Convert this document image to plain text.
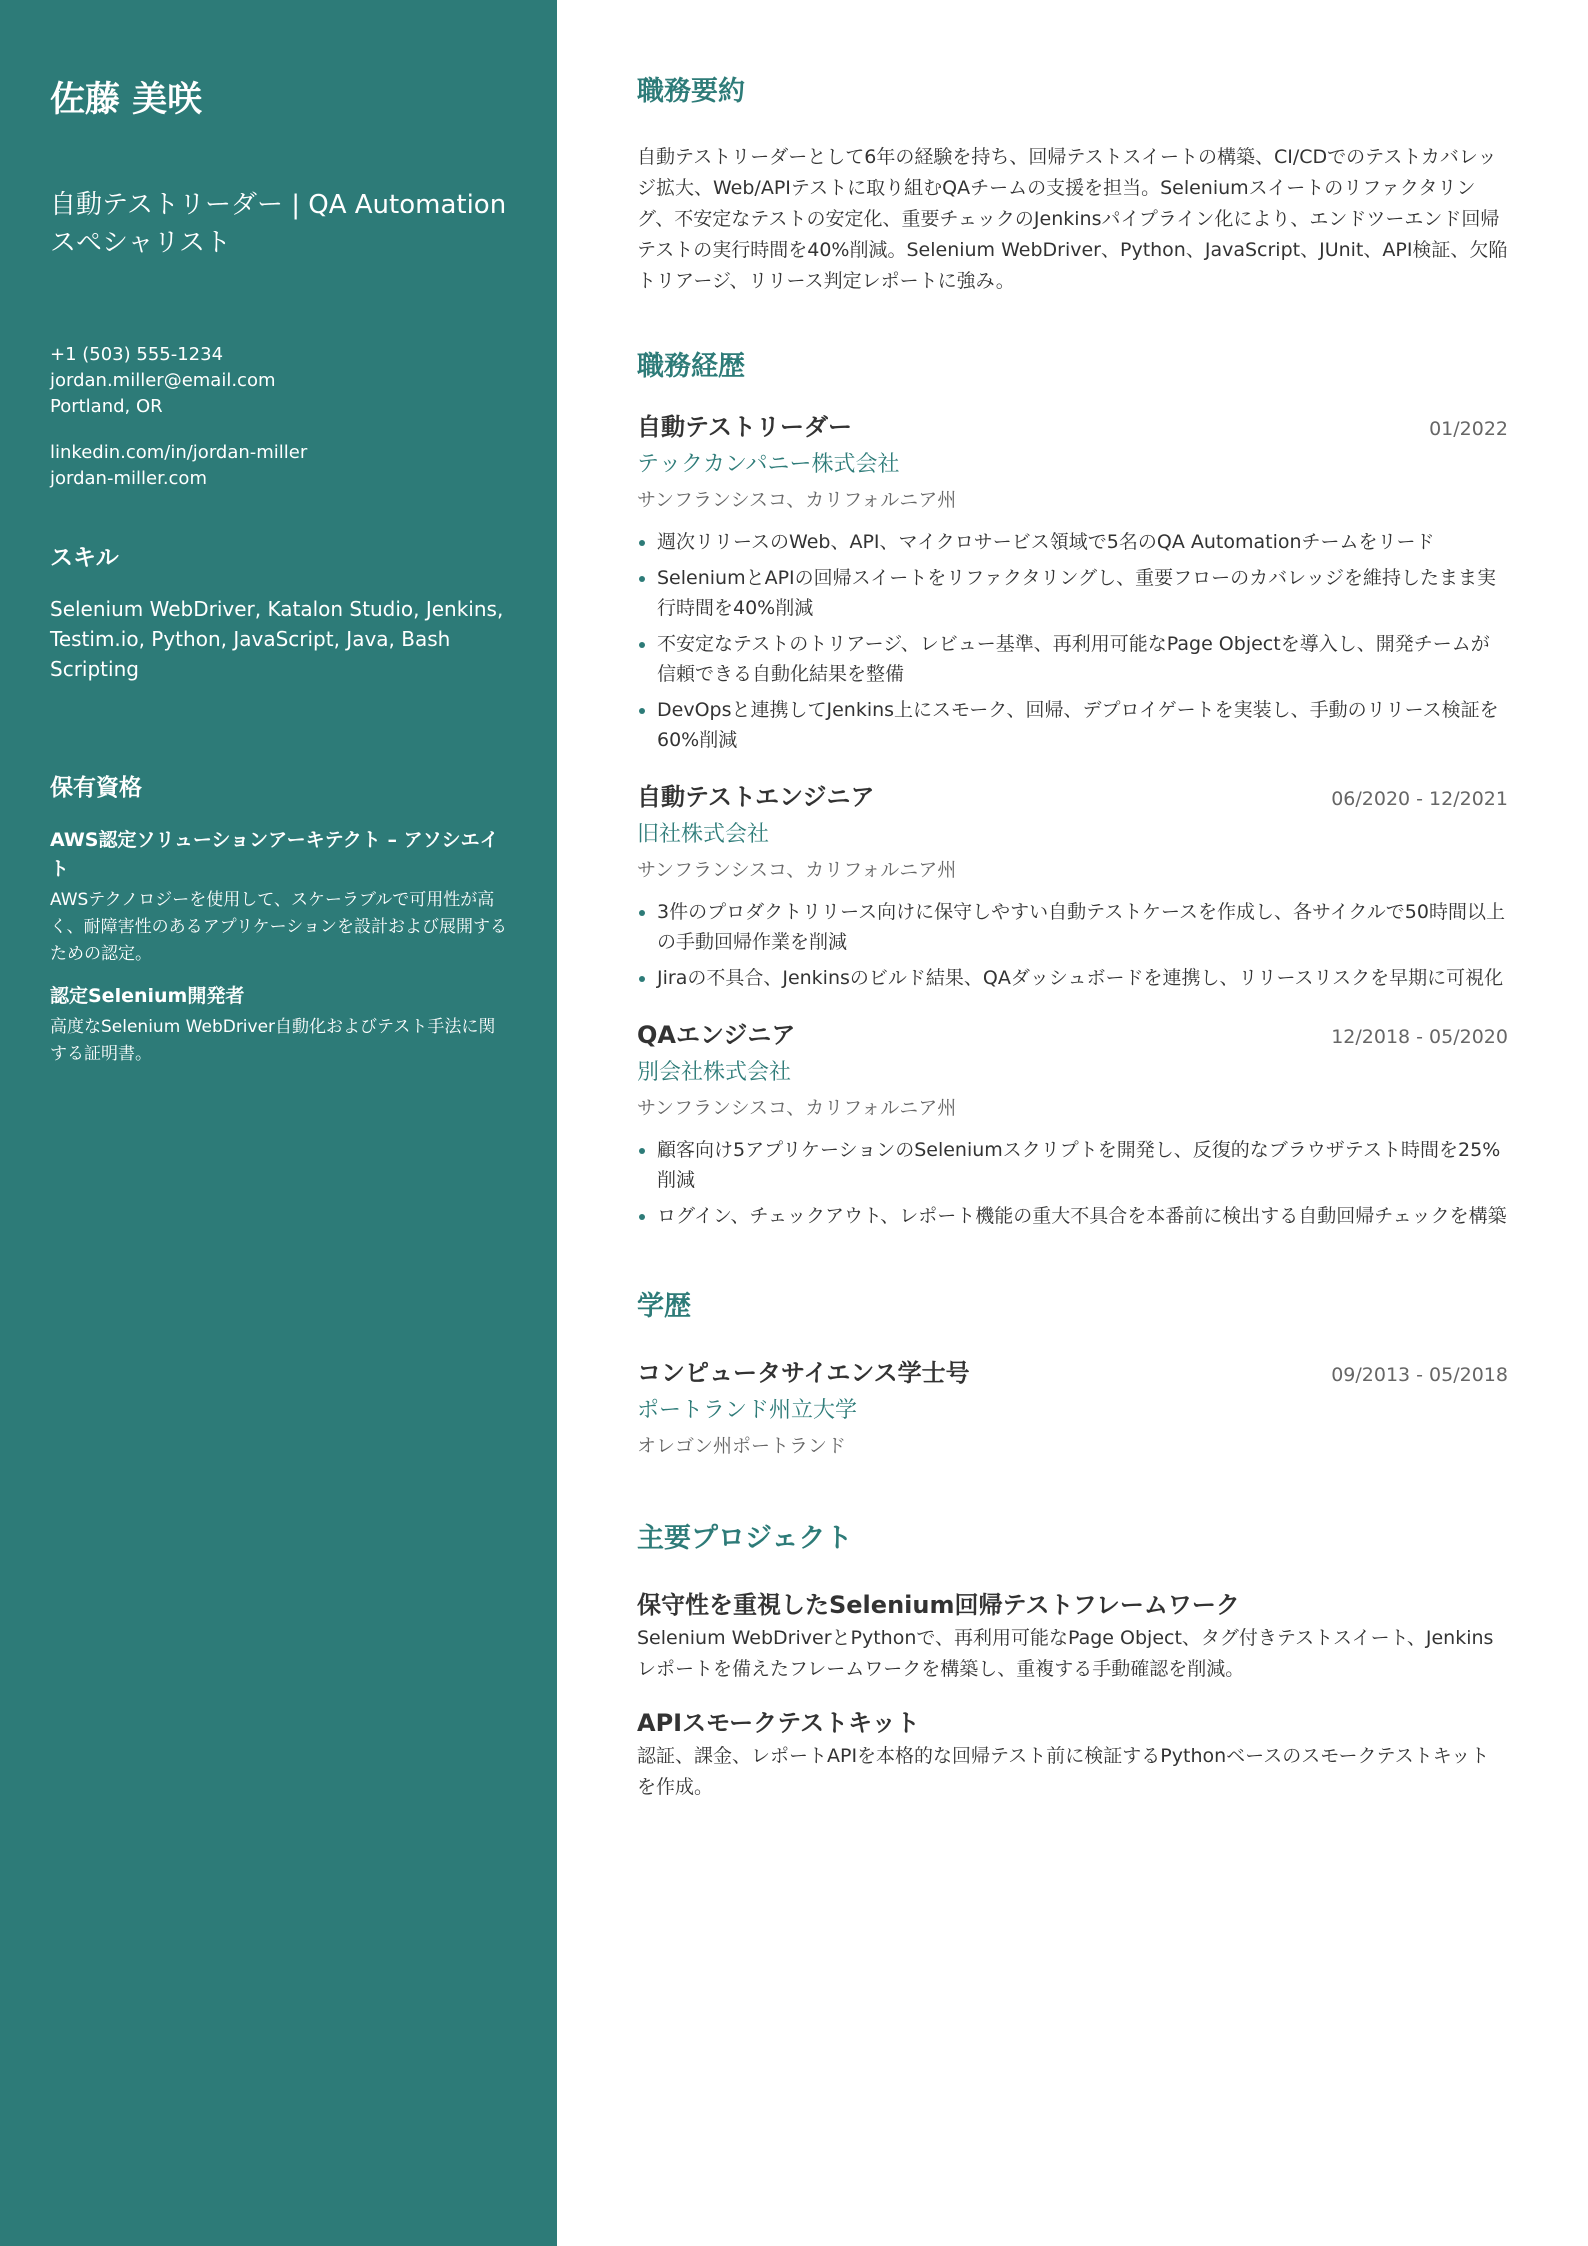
佐藤 美咲
自動テストリーダー | QA Automation スペシャリスト
+1 (503) 555-1234
jordan.miller@email.com
Portland, OR
linkedin.com/in/jordan-miller
jordan-miller.com
スキル
Selenium WebDriver, Katalon Studio, Jenkins, Testim.io, Python, JavaScript, Java, Bash Scripting
保有資格
AWS認定ソリューションアーキテクト – アソシエイト
AWSテクノロジーを使用して、スケーラブルで可用性が高く、耐障害性のあるアプリケーションを設計および展開するための認定。
認定Selenium開発者
高度なSelenium WebDriver自動化およびテスト手法に関する証明書。
職務要約
自動テストリーダーとして6年の経験を持ち、回帰テストスイートの構築、CI/CDでのテストカバレッジ拡大、Web/APIテストに取り組むQAチームの支援を担当。Seleniumスイートのリファクタリング、不安定なテストの安定化、重要チェックのJenkinsパイプライン化により、エンドツーエンド回帰テストの実行時間を40%削減。Selenium WebDriver、Python、JavaScript、JUnit、API検証、欠陥トリアージ、リリース判定レポートに強み。
職務経歴
自動テストリーダー	01/2022
テックカンパニー株式会社
サンフランシスコ、カリフォルニア州
週次リリースのWeb、API、マイクロサービス領域で5名のQA Automationチームをリード
SeleniumとAPIの回帰スイートをリファクタリングし、重要フローのカバレッジを維持したまま実行時間を40%削減
不安定なテストのトリアージ、レビュー基準、再利用可能なPage Objectを導入し、開発チームが信頼できる自動化結果を整備
DevOpsと連携してJenkins上にスモーク、回帰、デプロイゲートを実装し、手動のリリース検証を60%削減
自動テストエンジニア	06/2020 - 12/2021
旧社株式会社
サンフランシスコ、カリフォルニア州
3件のプロダクトリリース向けに保守しやすい自動テストケースを作成し、各サイクルで50時間以上の手動回帰作業を削減
Jiraの不具合、Jenkinsのビルド結果、QAダッシュボードを連携し、リリースリスクを早期に可視化
QAエンジニア	12/2018 - 05/2020
別会社株式会社
サンフランシスコ、カリフォルニア州
顧客向け5アプリケーションのSeleniumスクリプトを開発し、反復的なブラウザテスト時間を25%削減
ログイン、チェックアウト、レポート機能の重大不具合を本番前に検出する自動回帰チェックを構築
学歴
コンピュータサイエンス学士号	09/2013 - 05/2018
ポートランド州立大学
オレゴン州ポートランド
主要プロジェクト
保守性を重視したSelenium回帰テストフレームワーク
Selenium WebDriverとPythonで、再利用可能なPage Object、タグ付きテストスイート、Jenkinsレポートを備えたフレームワークを構築し、重複する手動確認を削減。
APIスモークテストキット
認証、課金、レポートAPIを本格的な回帰テスト前に検証するPythonベースのスモークテストキットを作成。
